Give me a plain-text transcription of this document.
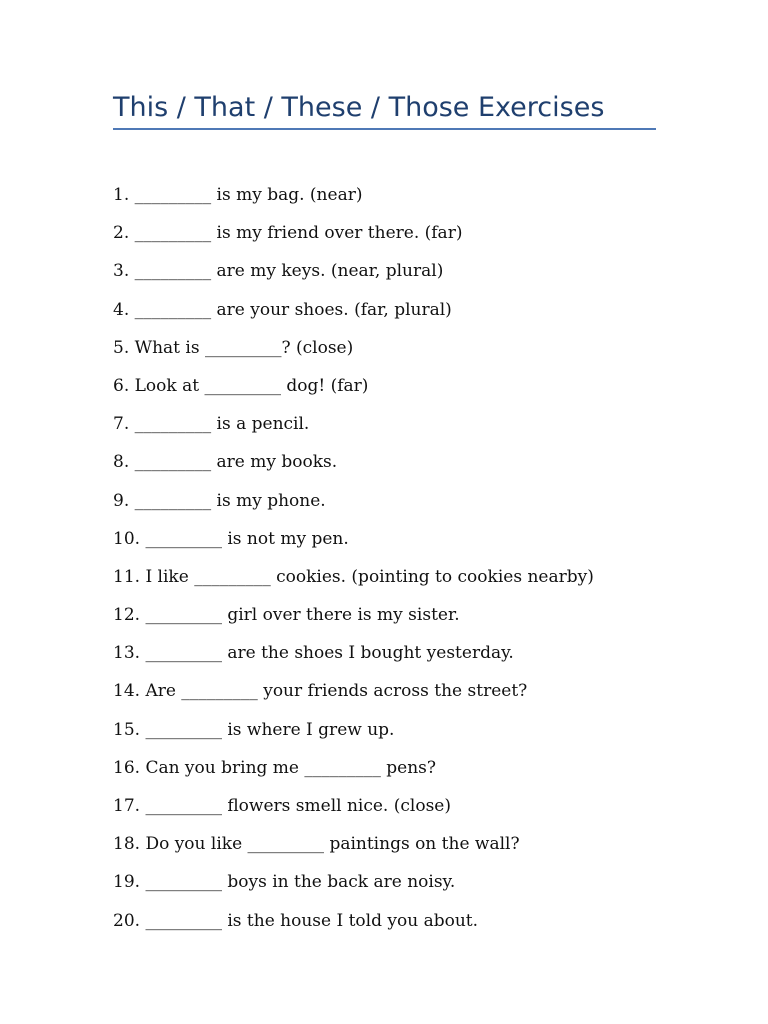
This / That / These / Those Exercises
1. _________ is my bag. (near)
2. _________ is my friend over there. (far)
3. _________ are my keys. (near, plural)
4. _________ are your shoes. (far, plural)
5. What is _________? (close)
6. Look at _________ dog! (far)
7. _________ is a pencil.
8. _________ are my books.
9. _________ is my phone.
10. _________ is not my pen.
11. I like _________ cookies. (pointing to cookies nearby)
12. _________ girl over there is my sister.
13. _________ are the shoes I bought yesterday.
14. Are _________ your friends across the street?
15. _________ is where I grew up.
16. Can you bring me _________ pens?
17. _________ flowers smell nice. (close)
18. Do you like _________ paintings on the wall?
19. _________ boys in the back are noisy.
20. _________ is the house I told you about.
